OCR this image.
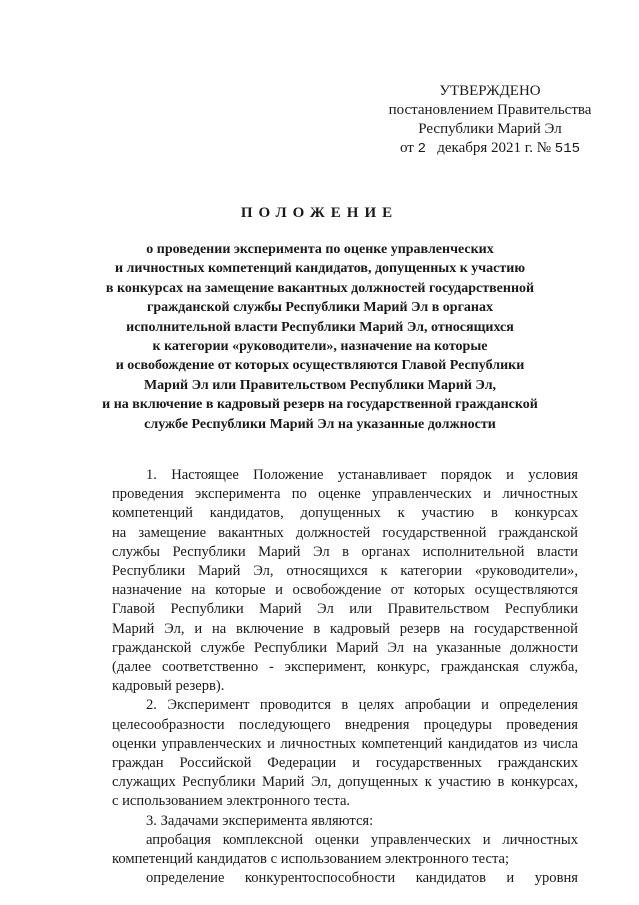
УТВЕРЖДЕНО
постановлением Правительства
Республики Марий Эл
от 2 декабря 2021 г. № 515
ПОЛОЖЕНИЕ
о проведении эксперимента по оценке управленческих
и личностных компетенций кандидатов, допущенных к участию
в конкурсах на замещение вакантных должностей государственной
гражданской службы Республики Марий Эл в органах
исполнительной власти Республики Марий Эл, относящихся
к категории «руководители», назначение на которые
и освобождение от которых осуществляются Главой Республики
Марий Эл или Правительством Республики Марий Эл,
и на включение в кадровый резерв на государственной гражданской
службе Республики Марий Эл на указанные должности
1. Настоящее Положение устанавливает порядок и условия
проведения эксперимента по оценке управленческих и личностных
компетенций кандидатов, допущенных к участию в конкурсах
на замещение вакантных должностей государственной гражданской
службы Республики Марий Эл в органах исполнительной власти
Республики Марий Эл, относящихся к категории «руководители»,
назначение на которые и освобождение от которых осуществляются
Главой Республики Марий Эл или Правительством Республики
Марий Эл, и на включение в кадровый резерв на государственной
гражданской службе Республики Марий Эл на указанные должности
(далее соответственно - эксперимент, конкурс, гражданская служба,
кадровый резерв).
2. Эксперимент проводится в целях апробации и определения
целесообразности последующего внедрения процедуры проведения
оценки управленческих и личностных компетенций кандидатов из числа
граждан Российской Федерации и государственных гражданских
служащих Республики Марий Эл, допущенных к участию в конкурсах,
с использованием электронного теста.
3. Задачами эксперимента являются:
апробация комплексной оценки управленческих и личностных
компетенций кандидатов с использованием электронного теста;
определение конкурентоспособности кандидатов и уровня
